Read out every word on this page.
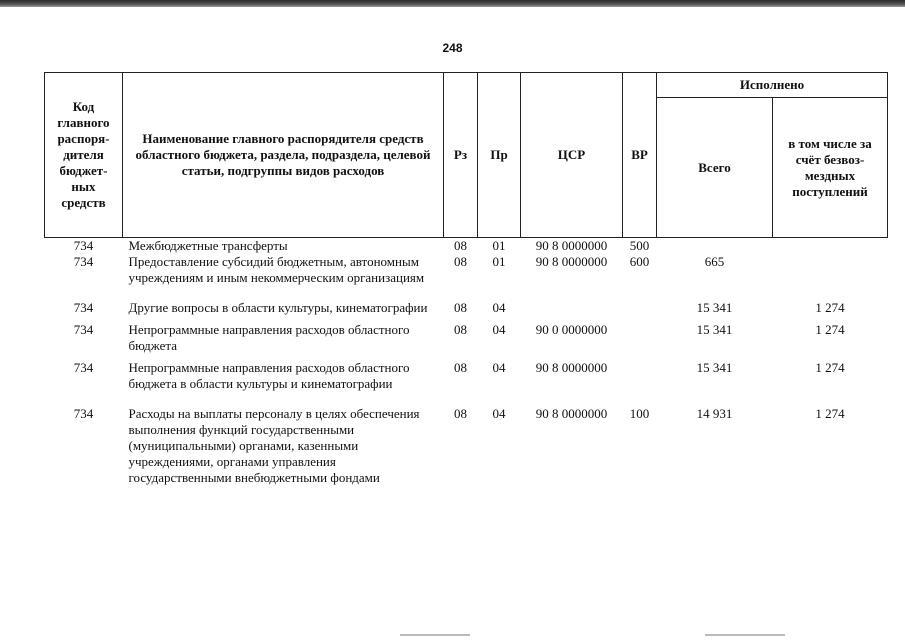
248
Код главного распоря-дителя бюджет-ных средств	Наименование главного распорядителя средств областного бюджета, раздела, подраздела, целевой статьи, подгруппы видов расходов	Рз	Пр	ЦСР	ВР	Исполнено	
						Всего	в том числе за счёт безвоз-мездных поступлений
734	Межбюджетные трансферты	08	01	90 8 0000000	500		
734	Предоставление субсидий бюджетным, автономным учреждениям и иным некоммерческим организациям	08	01	90 8 0000000	600	665	
734	Другие вопросы в области культуры, кинематографии	08	04			15 341	1 274
734	Непрограммные направления расходов областного бюджета	08	04	90 0 0000000		15 341	1 274
734	Непрограммные направления расходов областного бюджета в области культуры и кинематографии	08	04	90 8 0000000		15 341	1 274
734	Расходы на выплаты персоналу в целях обеспечения выполнения функций государственными (муниципальными) органами, казенными учреждениями, органами управления государственными внебюджетными фондами	08	04	90 8 0000000	100	14 931	1 274
